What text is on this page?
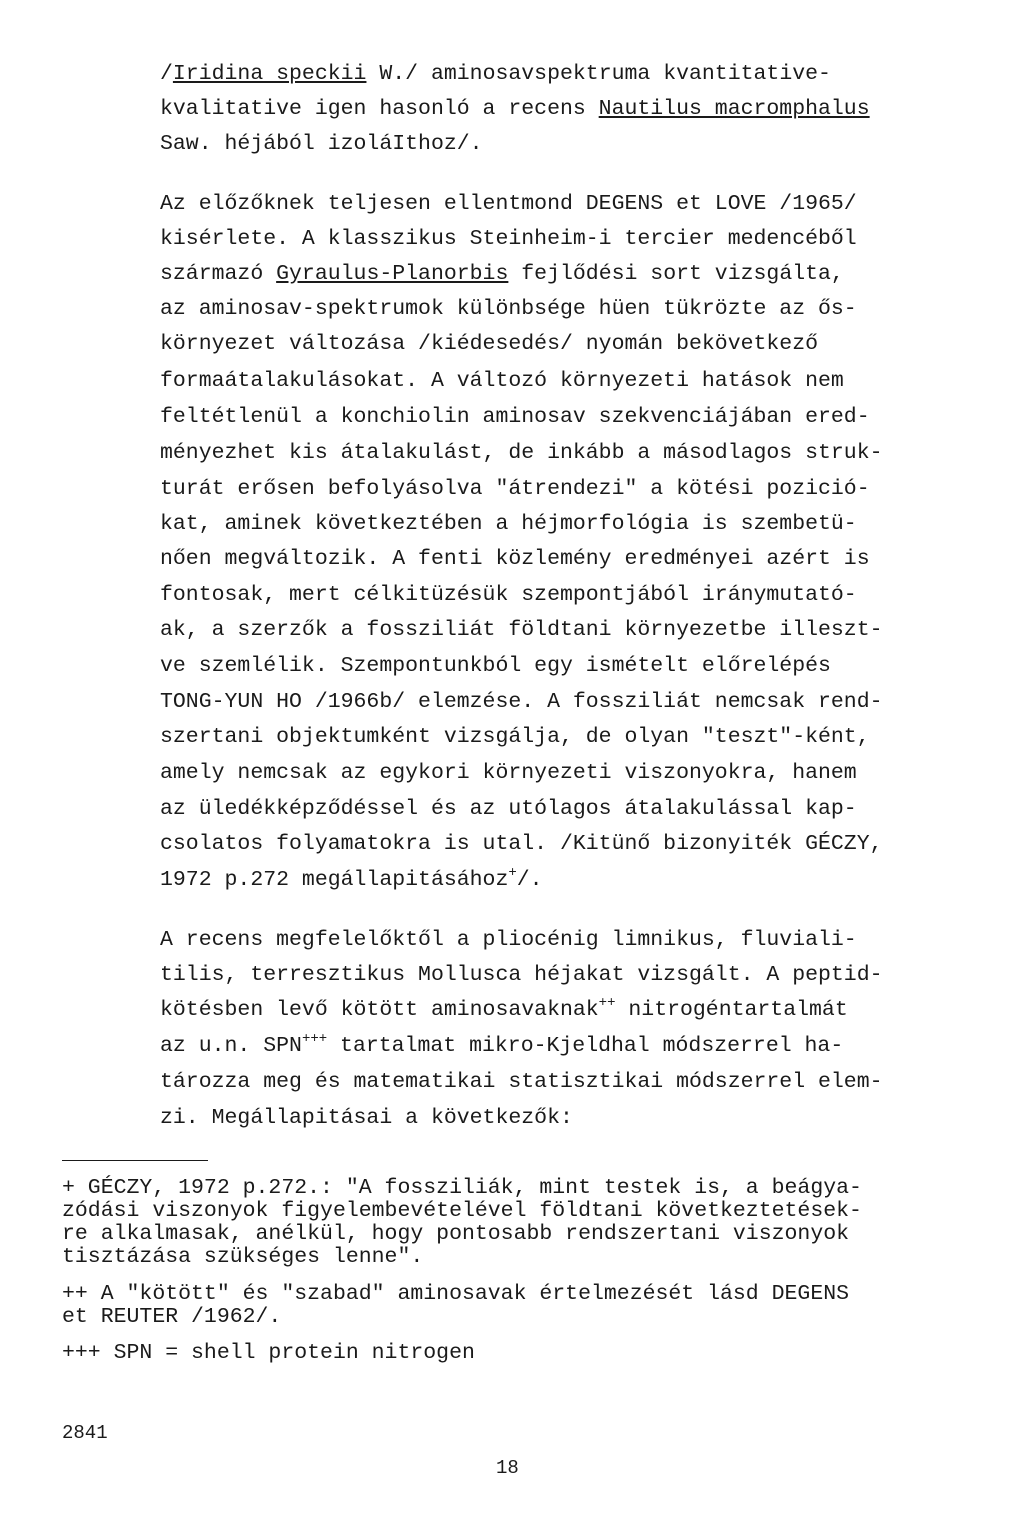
/Iridina speckii W./ aminosavspektruma kvantitative-

kvalitative igen hasonló a recens Nautilus macromphalus

Saw. héjából izoláIthoz/.

Az előzőknek teljesen ellentmond DEGENS et LOVE /1965/

kisérlete. A klasszikus Steinheim-i tercier medencéből

származó Gyraulus-Planorbis fejlődési sort vizsgálta,

az aminosav-spektrumok különbsége hüen tükrözte az ős-

környezet változása /kiédesedés/ nyomán bekövetkező

formaátalakulásokat. A változó környezeti hatások nem

feltétlenül a konchiolin aminosav szekvenciájában ered-

ményezhet kis átalakulást, de inkább a másodlagos struk-

turát erősen befolyásolva "átrendezi" a kötési pozició-

kat, aminek következtében a héjmorfológia is szembetü-

nően megváltozik. A fenti közlemény eredményei azért is

fontosak, mert célkitüzésük szempontjából iránymutató-

ak, a szerzők a fossziliát földtani környezetbe illeszt-

ve szemlélik. Szempontunkból egy ismételt előrelépés

TONG-YUN HO /1966b/ elemzése. A fossziliát nemcsak rend-

szertani objektumként vizsgálja, de olyan "teszt"-ként,

amely nemcsak az egykori környezeti viszonyokra, hanem

az üledékképződéssel és az utólagos átalakulással kap-

csolatos folyamatokra is utal. /Kitünő bizonyiték GÉCZY,

1972 p.272 megállapitásához+/.

A recens megfelelőktől a pliocénig limnikus, fluviali-

tilis, terresztikus Mollusca héjakat vizsgált. A peptid-

kötésben levő kötött aminosavaknak++ nitrogéntartalmát

az u.n. SPN+++ tartalmat mikro-Kjeldhal módszerrel ha-

tározza meg és matematikai statisztikai módszerrel elem-

zi. Megállapitásai a következők:

+ GÉCZY, 1972 p.272.: "A fossziliák, mint testek is, a beágya-

zódási viszonyok figyelembevételével földtani következtetések-

re alkalmasak, anélkül, hogy pontosabb rendszertani viszonyok

tisztázása szükséges lenne".

++ A "kötött" és "szabad" aminosavak értelmezését lásd DEGENS

et REUTER /1962/.

+++ SPN = shell protein nitrogen

2841

18
